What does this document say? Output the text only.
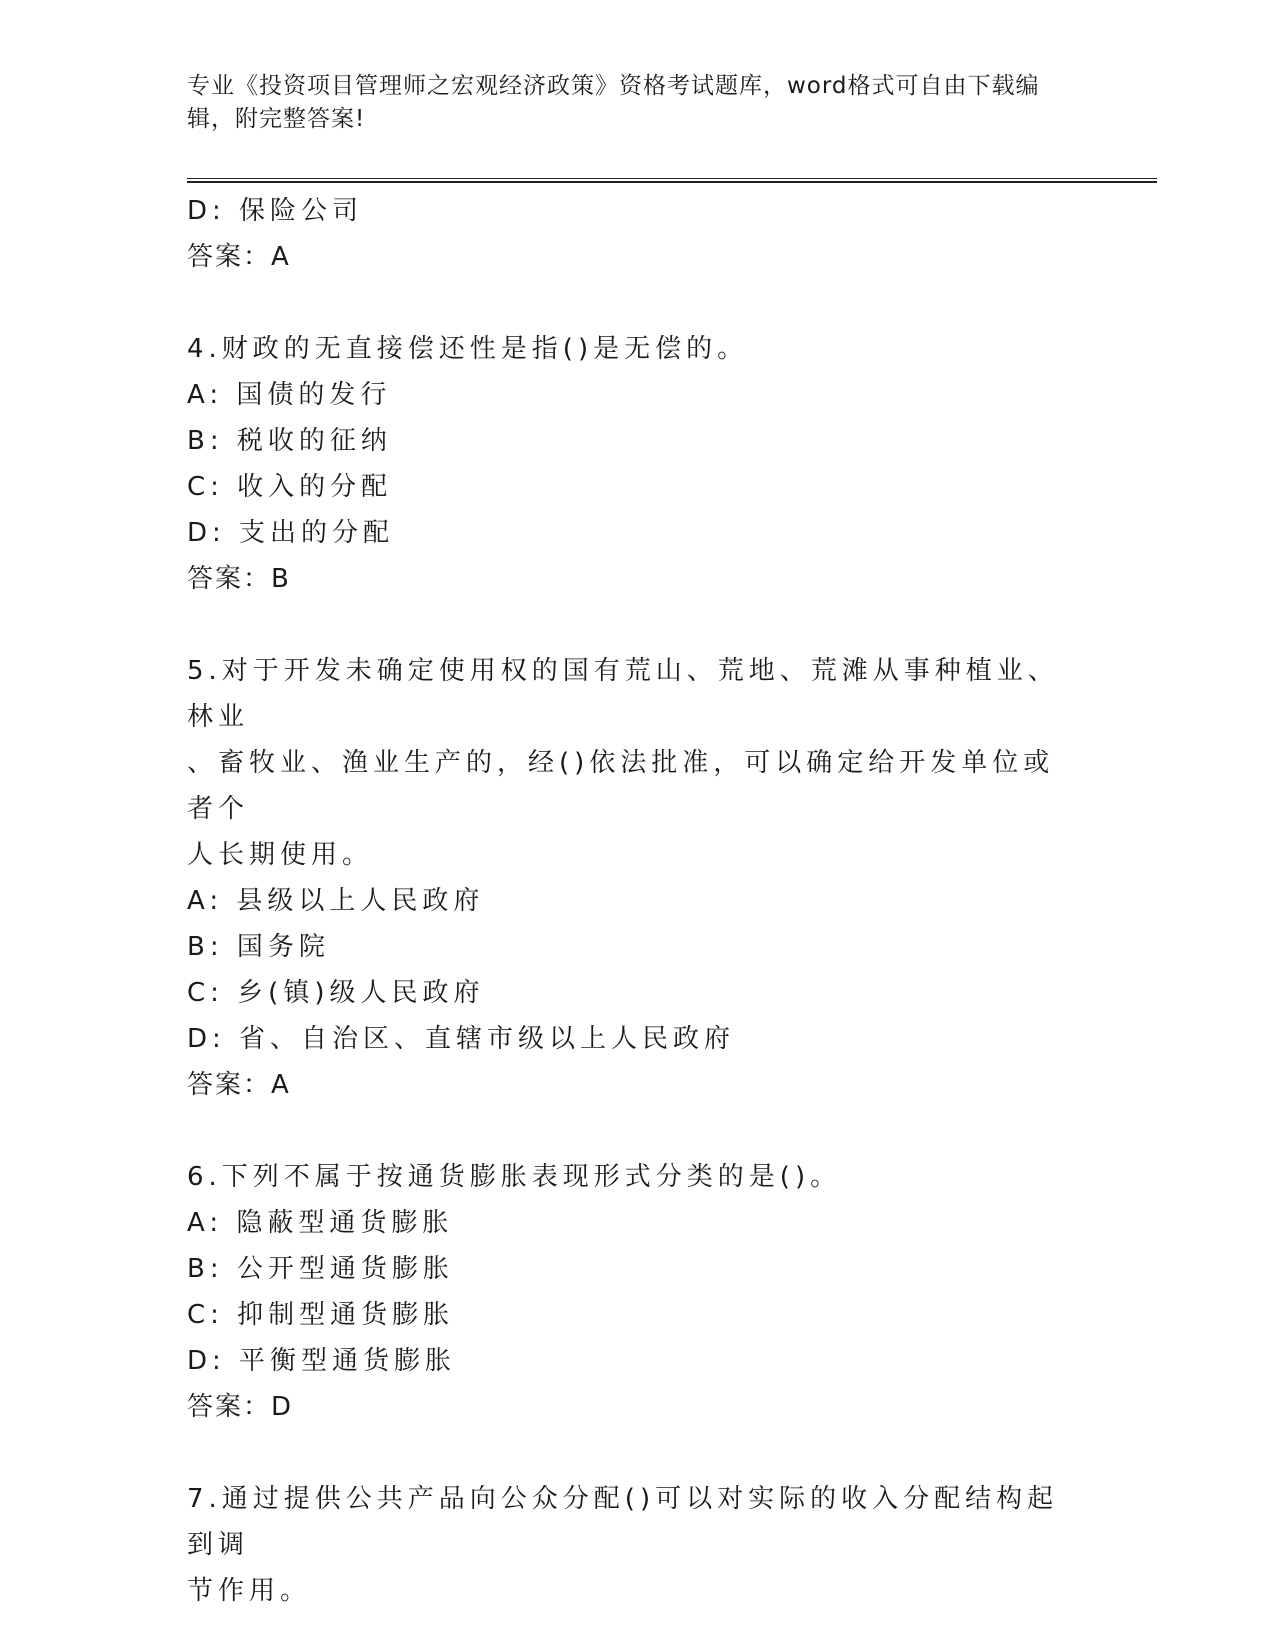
专业《投资项目管理师之宏观经济政策》资格考试题库，word格式可自由下载编辑，附完整答案!
D: 保险公司
答案：A
4.财政的无直接偿还性是指()是无偿的。
A: 国债的发行
B: 税收的征纳
C: 收入的分配
D: 支出的分配
答案：B
5.对于开发未确定使用权的国有荒山、荒地、荒滩从事种植业、林业
、畜牧业、渔业生产的，经()依法批准，可以确定给开发单位或者个
人长期使用。
A: 县级以上人民政府
B: 国务院
C: 乡(镇)级人民政府
D: 省、自治区、直辖市级以上人民政府
答案：A
6.下列不属于按通货膨胀表现形式分类的是()。
A: 隐蔽型通货膨胀
B: 公开型通货膨胀
C: 抑制型通货膨胀
D: 平衡型通货膨胀
答案：D
7.通过提供公共产品向公众分配()可以对实际的收入分配结构起到调
节作用。
